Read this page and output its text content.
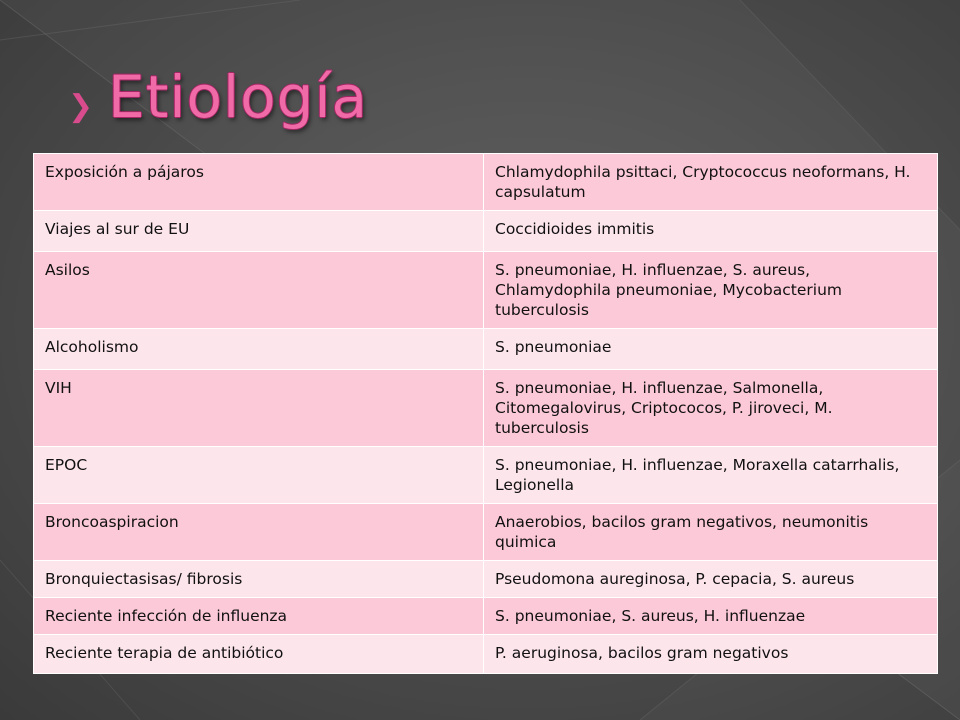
❯ Etiología
Exposición a pájaros	Chlamydophila psittaci, Cryptococcus neoformans, H. capsulatum
Viajes al sur de EU	Coccidioides immitis
Asilos	S. pneumoniae, H. influenzae, S. aureus, Chlamydophila pneumoniae, Mycobacterium tuberculosis
Alcoholismo	S. pneumoniae
VIH	S. pneumoniae, H. influenzae, Salmonella, Citomegalovirus, Criptococos, P. jiroveci, M. tuberculosis
EPOC	S. pneumoniae, H. influenzae, Moraxella catarrhalis, Legionella
Broncoaspiracion	Anaerobios, bacilos gram negativos, neumonitis quimica
Bronquiectasisas/ fibrosis	Pseudomona aureginosa, P. cepacia, S. aureus
Reciente infección de influenza	S. pneumoniae, S. aureus, H. influenzae
Reciente terapia de antibiótico	P. aeruginosa, bacilos gram negativos
